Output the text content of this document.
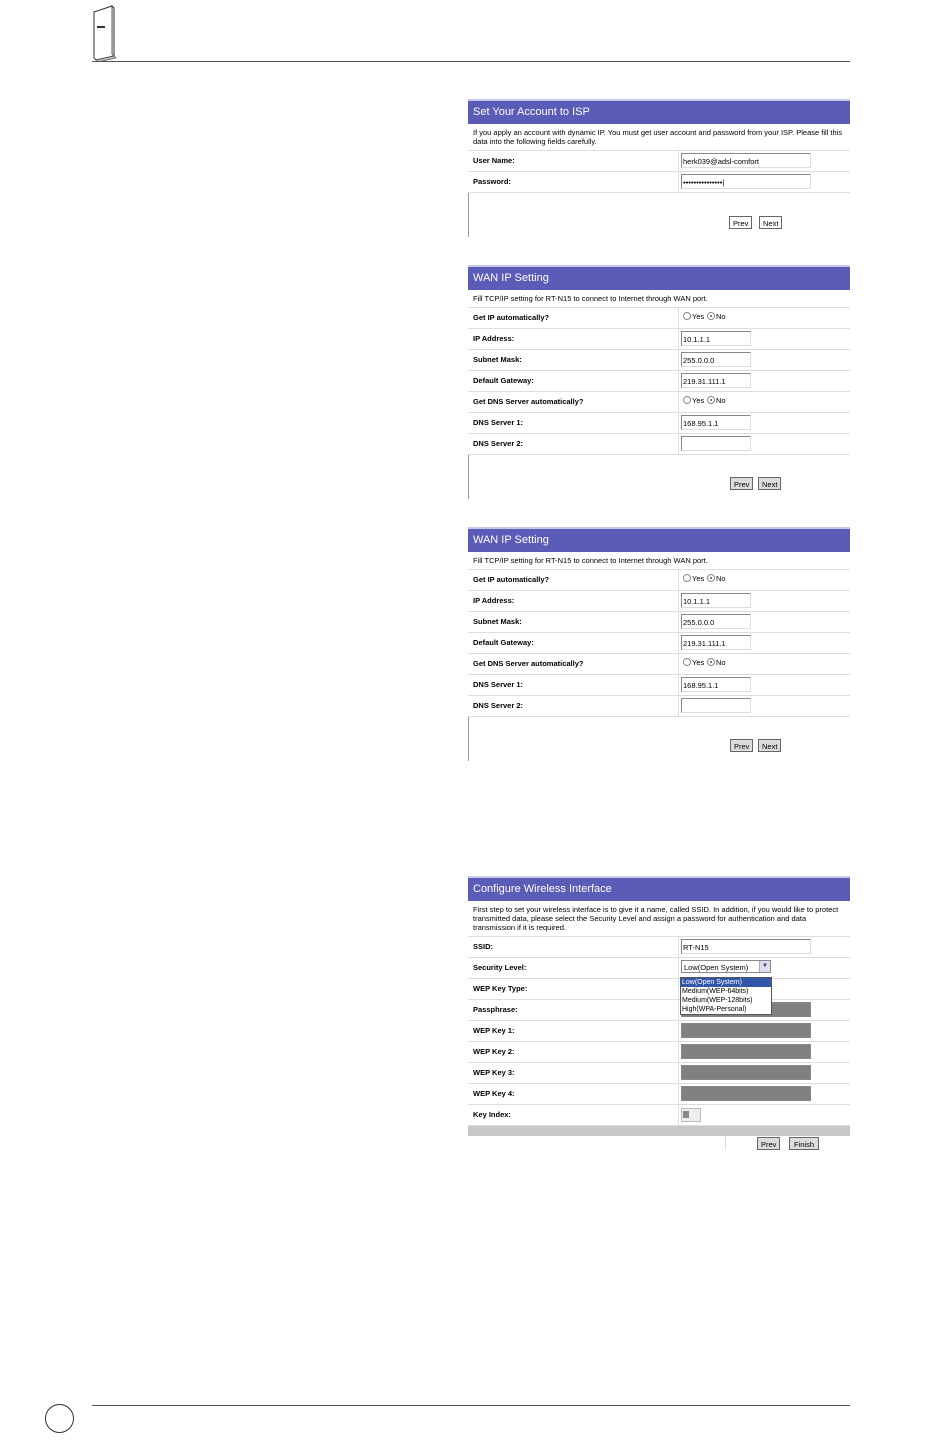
Set Your Account to ISP
If you apply an account with dynamic IP. You must get user account and password from your ISP. Please fill this data into the following fields carefully.
User Name:	herk039@adsl-comfort
Password:	•••••••••••••••|
Prev	Next
WAN IP Setting
Fill TCP/IP setting for RT-N15 to connect to Internet through WAN port.
Get IP automatically?	Yes	No
IP Address:	10.1.1.1
Subnet Mask:	255.0.0.0
Default Gateway:	219.31.111.1
Get DNS Server automatically?	Yes	No
DNS Server 1:	168.95.1.1
DNS Server 2:
Prev	Next
WAN IP Setting
Fill TCP/IP setting for RT-N15 to connect to Internet through WAN port.
Get IP automatically?	Yes	No
IP Address:	10.1.1.1
Subnet Mask:	255.0.0.0
Default Gateway:	219.31.111.1
Get DNS Server automatically?	Yes	No
DNS Server 1:	168.95.1.1
DNS Server 2:
Prev	Next
Configure Wireless Interface
First step to set your wireless interface is to give it a name, called SSID. In addition, if you would like to protect transmitted data, please select the Security Level and assign a password for authentication and data transmission if it is required.
SSID:	RT-N15
Security Level:	Low(Open System)	▼
WEP Key Type:
Passphrase:
WEP Key 1:
WEP Key 2:
WEP Key 3:
WEP Key 4:
Key Index:
Prev	Finish
Low(Open System)
Medium(WEP-64bits)
Medium(WEP-128bits)
High(WPA-Personal)
